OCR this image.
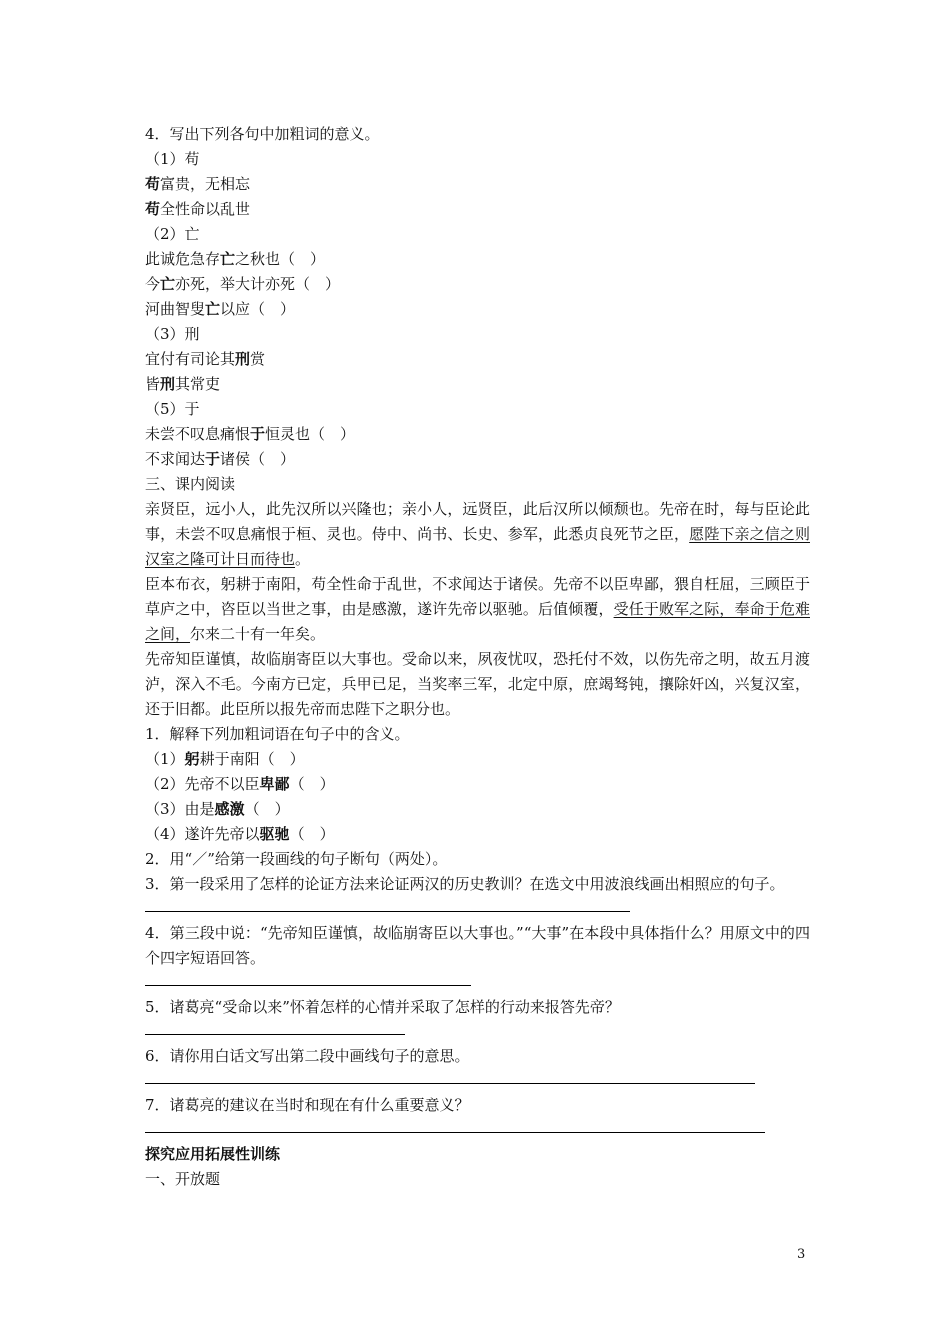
4．写出下列各句中加粗词的意义。
（1）苟
苟富贵，无相忘
苟全性命以乱世
（2）亡
此诚危急存亡之秋也（　）
今亡亦死，举大计亦死（　）
河曲智叟亡以应（　）
（3）刑
宜付有司论其刑赏
皆刑其常吏
（5）于
未尝不叹息痛恨于恒灵也（　）
不求闻达于诸侯（　）
三、课内阅读
亲贤臣，远小人，此先汉所以兴隆也；亲小人，远贤臣，此后汉所以倾颓也。先帝在时，每与臣论此事，未尝不叹息痛恨于桓、灵也。侍中、尚书、长史、参军，此悉贞良死节之臣，愿陛下亲之信之则汉室之隆可计日而待也。
臣本布衣，躬耕于南阳，苟全性命于乱世，不求闻达于诸侯。先帝不以臣卑鄙，猥自枉屈，三顾臣于草庐之中，咨臣以当世之事，由是感激，遂许先帝以驱驰。后值倾覆，受任于败军之际，奉命于危难之间，尔来二十有一年矣。
先帝知臣谨慎，故临崩寄臣以大事也。受命以来，夙夜忧叹，恐托付不效，以伤先帝之明，故五月渡泸，深入不毛。今南方已定，兵甲已足，当奖率三军，北定中原，庶竭驽钝，攘除奸凶，兴复汉室，还于旧都。此臣所以报先帝而忠陛下之职分也。
1．解释下列加粗词语在句子中的含义。
（1）躬耕于南阳（　）
（2）先帝不以臣卑鄙（　）
（3）由是感激（　）
（4）遂许先帝以驱驰（　）
2．用“／”给第一段画线的句子断句（两处）。
3．第一段采用了怎样的论证方法来论证两汉的历史教训？在选文中用波浪线画出相照应的句子。
4．第三段中说：“先帝知臣谨慎，故临崩寄臣以大事也。”“大事”在本段中具体指什么？用原文中的四个四字短语回答。
5．诸葛亮“受命以来”怀着怎样的心情并采取了怎样的行动来报答先帝？
6．请你用白话文写出第二段中画线句子的意思。
7．诸葛亮的建议在当时和现在有什么重要意义？
探究应用拓展性训练
一、开放题
3
